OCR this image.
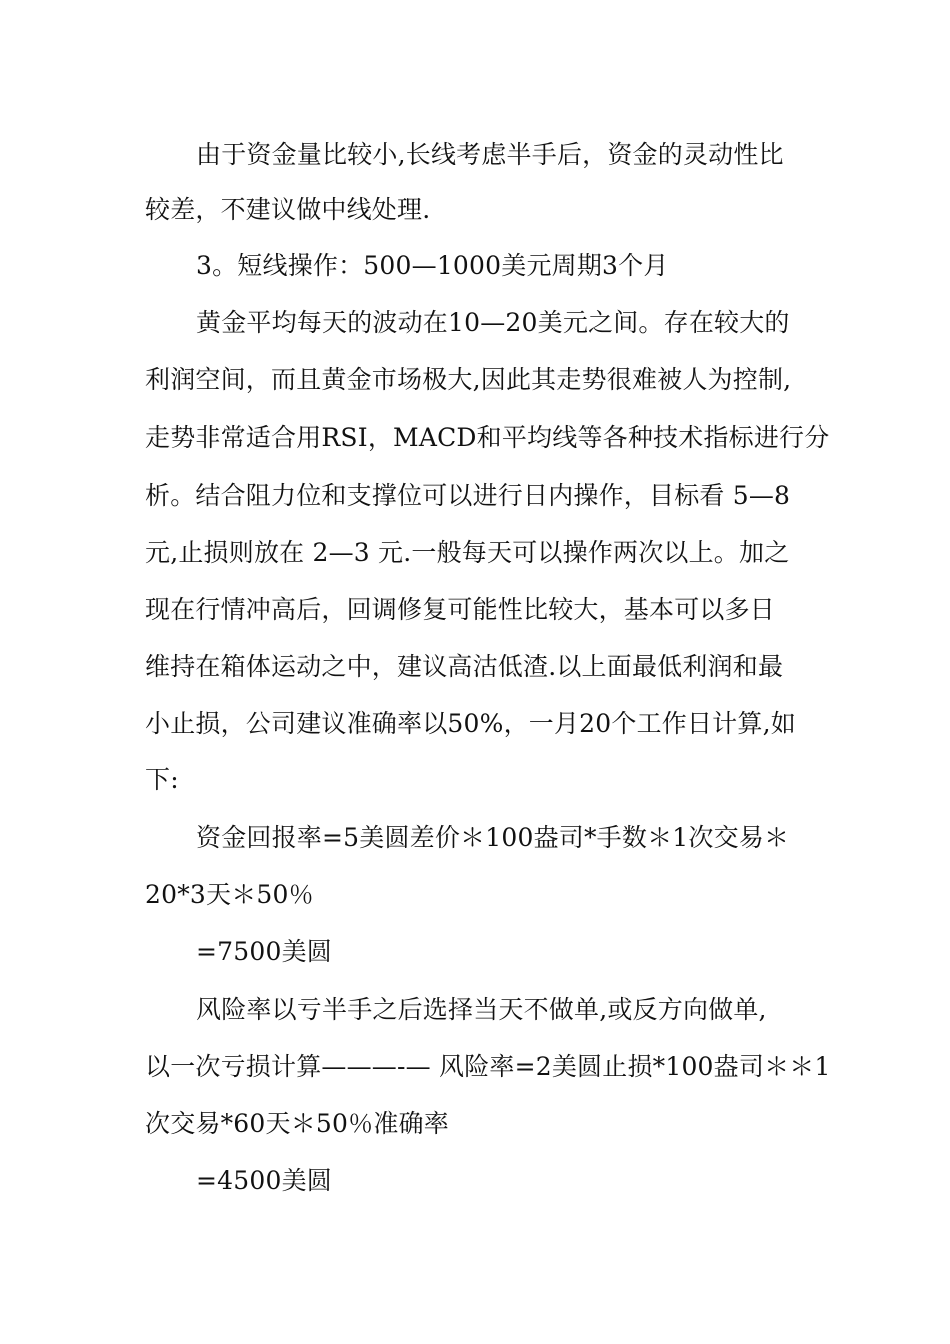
由于资金量比较小,长线考虑半手后，资金的灵动性比
较差，不建议做中线处理.
3。短线操作：500—1000美元周期3个月
黄金平均每天的波动在10—20美元之间。存在较大的
利润空间，而且黄金市场极大,因此其走势很难被人为控制,
走势非常适合用RSI，MACD和平均线等各种技术指标进行分
析。结合阻力位和支撑位可以进行日内操作，目标看 5—8
元,止损则放在 2—3 元.一般每天可以操作两次以上。加之
现在行情冲高后，回调修复可能性比较大，基本可以多日
维持在箱体运动之中，建议高沽低渣.以上面最低利润和最
小止损，公司建议准确率以50%，一月20个工作日计算,如
下:
资金回报率=5美圆差价＊100盎司*手数＊1次交易＊
20*3天＊50％
=7500美圆
风险率以亏半手之后选择当天不做单,或反方向做单,
以一次亏损计算———-— 风险率=2美圆止损*100盎司＊＊1
次交易*60天＊50％准确率
=4500美圆
